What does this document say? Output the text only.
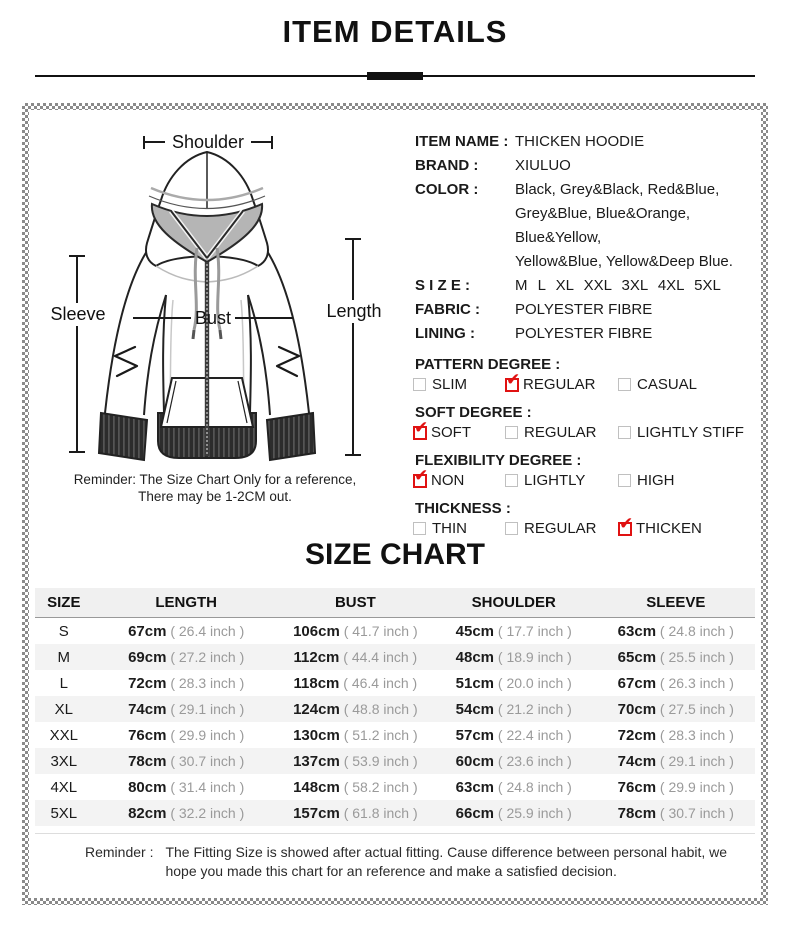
ITEM DETAILS
Shoulder
Sleeve	Length
Bust
Reminder: The Size Chart Only for a reference,
There may be 1-2CM out.
ITEM NAME : THICKEN HOODIE
BRAND :	XIULUO
COLOR :	Black, Grey&Black, Red&Blue,
Grey&Blue, Blue&Orange, Blue&Yellow,
Yellow&Blue, Yellow&Deep Blue.
S I Z E :	M L XL XXL 3XL 4XL 5XL
FABRIC :	POLYESTER FIBRE
LINING :	POLYESTER FIBRE
PATTERN DEGREE :
SLIM ✔ REGULAR	CASUAL
SOFT DEGREE :
✔ SOFT	REGULAR	LIGHTLY STIFF
FLEXIBILITY DEGREE :
✔ NON	LIGHTLY	HIGH
THICKNESS :
THIN	REGULAR ✔ THICKEN
SIZE CHART
SIZE	LENGTH	BUST	SHOULDER	SLEEVE
S	67cm ( 26.4 inch )	106cm ( 41.7 inch )	45cm ( 17.7 inch )	63cm ( 24.8 inch )
M	69cm ( 27.2 inch )	112cm ( 44.4 inch )	48cm ( 18.9 inch )	65cm ( 25.5 inch )
L	72cm ( 28.3 inch )	118cm ( 46.4 inch )	51cm ( 20.0 inch )	67cm ( 26.3 inch )
XL	74cm ( 29.1 inch )	124cm ( 48.8 inch )	54cm ( 21.2 inch )	70cm ( 27.5 inch )
XXL	76cm ( 29.9 inch )	130cm ( 51.2 inch )	57cm ( 22.4 inch )	72cm ( 28.3 inch )
3XL	78cm ( 30.7 inch )	137cm ( 53.9 inch )	60cm ( 23.6 inch )	74cm ( 29.1 inch )
4XL	80cm ( 31.4 inch )	148cm ( 58.2 inch )	63cm ( 24.8 inch )	76cm ( 29.9 inch )
5XL	82cm ( 32.2 inch )	157cm ( 61.8 inch )	66cm ( 25.9 inch )	78cm ( 30.7 inch )
Reminder : The Fitting Size is showed after actual fitting. Cause difference between personal habit, we hope you made this chart for an reference and make a satisfied decision.
